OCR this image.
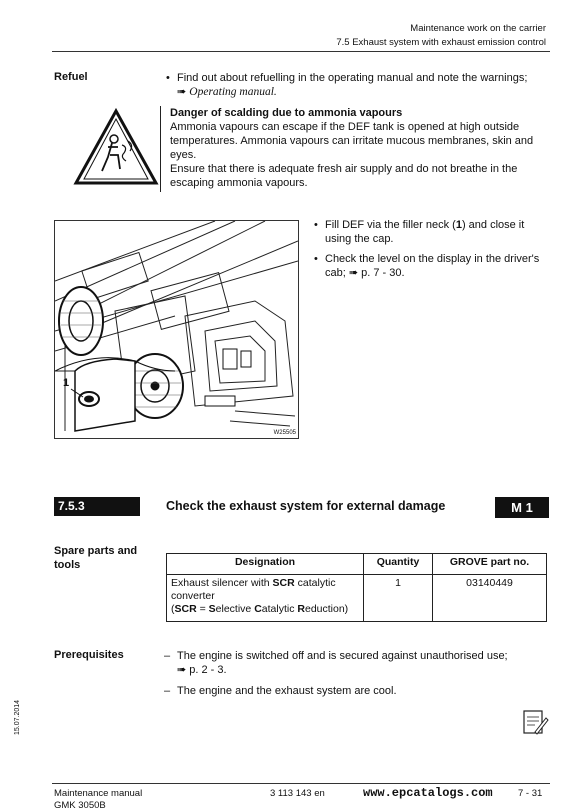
Maintenance work on the carrier
7.5 Exhaust system with exhaust emission control
Refuel	• Find out about refuelling in the operating manual and note the warnings;
➠ Operating manual.
Danger of scalding due to ammonia vapours
Ammonia vapours can escape if the DEF tank is opened at high outside
temperatures. Ammonia vapours can irritate mucous membranes, skin and
eyes.
Ensure that there is adequate fresh air supply and do not breathe in the
escaping ammonia vapours.
1
W25505
• Fill DEF via the filler neck (1) and close it
using the cap.
• Check the level on the display in the driver's
cab; ➠ p. 7 - 30.
7.5.3	Check the exhaust system for external damage	M 1
Spare parts and
tools	Designation	Quantity	GROVE part no.

Exhaust silencer with SCR catalytic
converter
(SCR = Selective Catalytic Reduction)	1	03140449
Prerequisites	– The engine is switched off and is secured against unauthorised use;
➠ p. 2 - 3.
– The engine and the exhaust system are cool.
15.07.2014
Maintenance manual
GMK 3050B
3 113 143 en	www.epcatalogs.com	7 - 31
